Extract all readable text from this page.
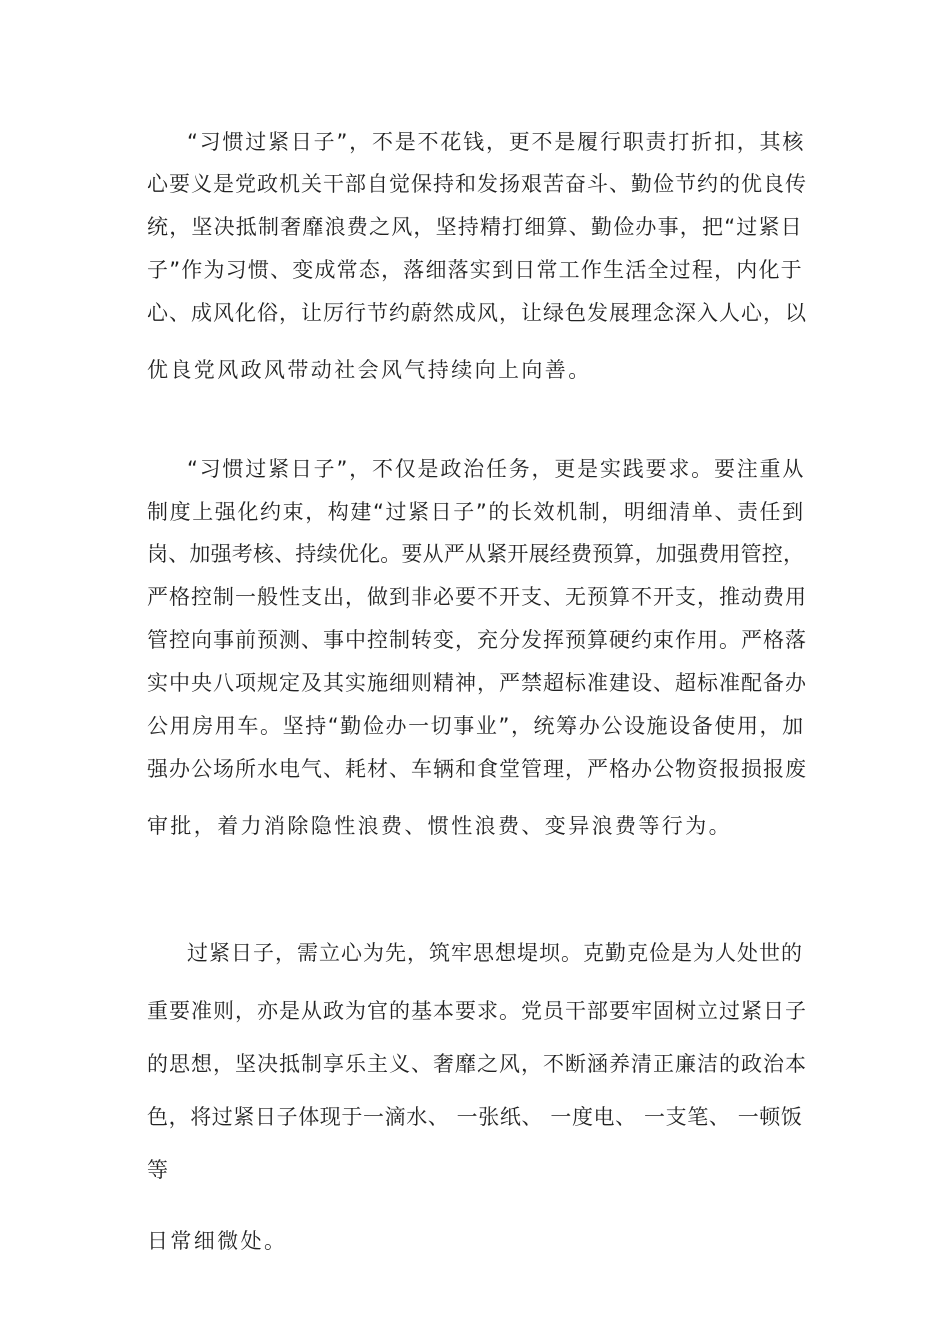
“习惯过紧日子”，不是不花钱，更不是履行职责打折扣，其核
心要义是党政机关干部自觉保持和发扬艰苦奋斗、勤俭节约的优良传
统，坚决抵制奢靡浪费之风，坚持精打细算、勤俭办事，把“过紧日
子”作为习惯、变成常态，落细落实到日常工作生活全过程，内化于
心、成风化俗，让厉行节约蔚然成风，让绿色发展理念深入人心，以
优良党风政风带动社会风气持续向上向善。
“习惯过紧日子”，不仅是政治任务，更是实践要求。要注重从
制度上强化约束，构建“过紧日子”的长效机制，明细清单、责任到
岗、加强考核、持续优化。要从严从紧开展经费预算，加强费用管控，
严格控制一般性支出，做到非必要不开支、无预算不开支，推动费用
管控向事前预测、事中控制转变，充分发挥预算硬约束作用。严格落
实中央八项规定及其实施细则精神，严禁超标准建设、超标准配备办
公用房用车。坚持“勤俭办一切事业”，统筹办公设施设备使用，加
强办公场所水电气、耗材、车辆和食堂管理，严格办公物资报损报废
审批，着力消除隐性浪费、惯性浪费、变异浪费等行为。
过紧日子，需立心为先，筑牢思想堤坝。克勤克俭是为人处世的
重要准则，亦是从政为官的基本要求。党员干部要牢固树立过紧日子
的思想，坚决抵制享乐主义、奢靡之风，不断涵养清正廉洁的政治本
色，将过紧日子体现于一滴水、 一张纸、 一度电、 一支笔、 一顿饭
等
日常细微处。
